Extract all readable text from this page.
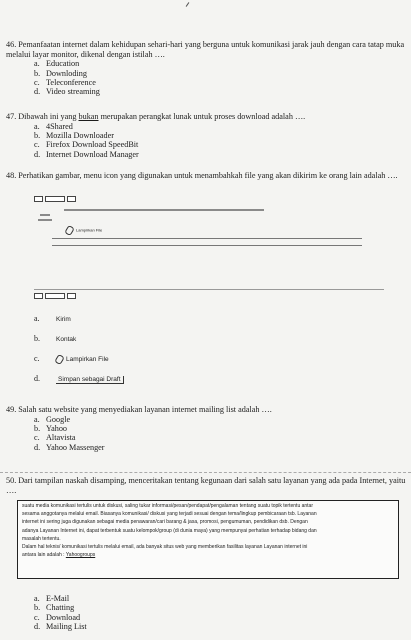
46. Pemanfaatan internet dalam kehidupan sehari-hari yang berguna untuk komunikasi jarak jauh dengan cara tatap muka melalui layar monitor, dikenal dengan istilah ….
a. Education
b. Downloding
c. Teleconference
d. Video streaming
47. Dibawah ini yang bukan merupakan perangkat lunak untuk proses download adalah ….
a. 4Shared
b. Mozilla Downloader
c. Firefox Download SpeedBit
d. Internet Download Manager
48. Perhatikan gambar, menu icon yang digunakan untuk menambahkah file yang akan dikirim ke orang lain adalah ….

Lampirkan File

a.	Kirim
b. Kontak
c.	Lampirkan File
d.	Simpan sebagai Draft
49. Salah satu website yang menyediakan layanan internet mailing list adalah ….
a. Google
b. Yahoo
c. Altavista
d. Yahoo Massenger
50. Dari tampilan naskah disamping, menceritakan tentang kegunaan dari salah satu layanan yang ada pada Internet, yaitu ….
suatu media komunikasi tertulis untuk diskusi, saling tukar informasi/pesan/pendapat/pengalaman tentang suatu topik tertentu antar
sesama anggotanya melalui email. Biasanya komunikasi/ diskusi yang terjadi sesuai dengan tema/lingkup pembicaraan tsb. Layanan
internet ini sering juga digunakan sebagai media penawaran/cari barang & jasa, promosi, pengumuman, pendidikan dsb. Dengan
adanya Layanan Internet ini, dapat terbentuk suatu kelompok/group (di dunia maya) yang mempunyai perhatian terhadap bidang dan
masalah tertentu.
Dalam hal teknis/ komunikasi tertulis melalui email, ada banyak situs web yang memberikan fasilitas layanan Layanan internet ini
antara lain adalah : Yahoogroups
a. E-Mail
b. Chatting
c. Download
d. Mailing List
